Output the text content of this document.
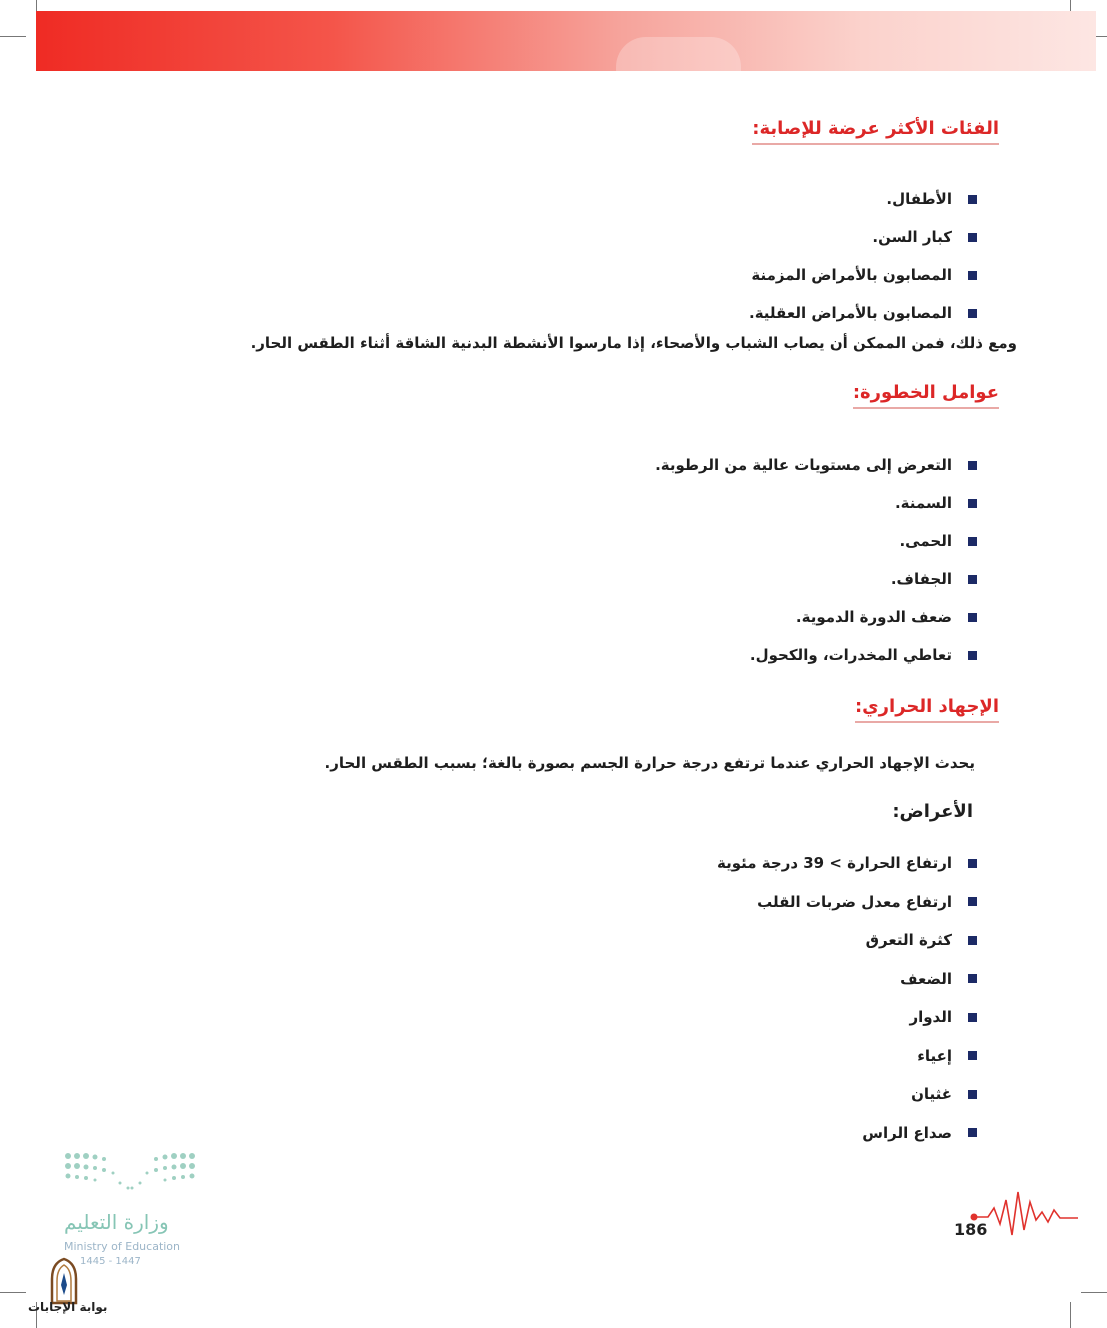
الفئات الأكثر عرضة للإصابة:
الأطفال.
كبار السن.
المصابون بالأمراض المزمنة
المصابون بالأمراض العقلية.

ومع ذلك، فمن الممكن أن يصاب الشباب والأصحاء، إذا مارسوا الأنشطة البدنية الشاقة أثناء الطقس الحار.

عوامل الخطورة:
التعرض إلى مستويات عالية من الرطوبة.
السمنة.
الحمى.
الجفاف.
ضعف الدورة الدموية.
تعاطي المخدرات، والكحول.
الإجهاد الحراري:

يحدث الإجهاد الحراري عندما ترتفع درجة حرارة الجسم بصورة بالغة؛ بسبب الطقس الحار.

الأعراض:
ارتفاع الحرارة > 39 درجة مئوية
ارتفاع معدل ضربات القلب
كثرة التعرق
الضعف
الدوار
إعياء
غثيان
صداع الراس
وزارة التعليم
Ministry of Education
1445 - 1447
بوابة الإجابات
186
